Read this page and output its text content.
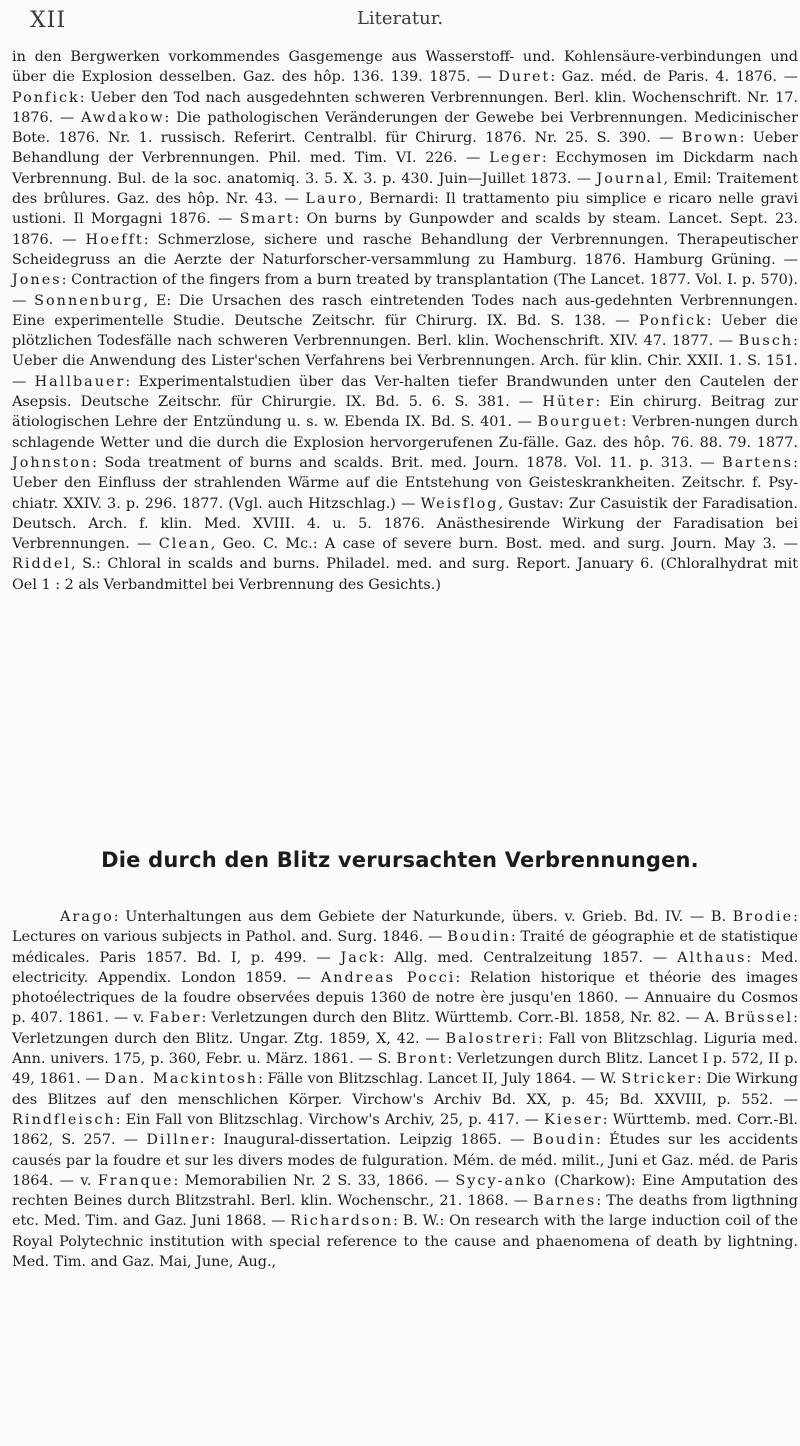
XII	Literatur.
in den Bergwerken vorkommendes Gasgemenge aus Wasserstoff- und. Kohlensäure-verbindungen und über die Explosion desselben. Gaz. des hôp. 136. 139. 1875. — Duret: Gaz. méd. de Paris. 4. 1876. — Ponfick: Ueber den Tod nach ausgedehnten schweren Verbrennungen. Berl. klin. Wochenschrift. Nr. 17. 1876. — Awdakow: Die pathologischen Veränderungen der Gewebe bei Verbrennungen. Medicinischer Bote. 1876. Nr. 1. russisch. Referirt. Centralbl. für Chirurg. 1876. Nr. 25. S. 390. — Brown: Ueber Behandlung der Verbrennungen. Phil. med. Tim. VI. 226. — Leger: Ecchymosen im Dickdarm nach Verbrennung. Bul. de la soc. anatomiq. 3. 5. X. 3. p. 430. Juin—Juillet 1873. — Journal, Emil: Traitement des brûlures. Gaz. des hôp. Nr. 43. — Lauro, Bernardi: Il trattamento piu simplice e ricaro nelle gravi ustioni. Il Morgagni 1876. — Smart: On burns by Gunpowder and scalds by steam. Lancet. Sept. 23. 1876. — Hoefft: Schmerzlose, sichere und rasche Behandlung der Verbrennungen. Therapeutischer Scheidegruss an die Aerzte der Naturforscher-versammlung zu Hamburg. 1876. Hamburg Grüning. — Jones: Contraction of the fingers from a burn treated by transplantation (The Lancet. 1877. Vol. I. p. 570). — Sonnenburg, E: Die Ursachen des rasch eintretenden Todes nach aus-gedehnten Verbrennungen. Eine experimentelle Studie. Deutsche Zeitschr. für Chirurg. IX. Bd. S. 138. — Ponfick: Ueber die plötzlichen Todesfälle nach schweren Verbrennungen. Berl. klin. Wochenschrift. XIV. 47. 1877. — Busch: Ueber die Anwendung des Lister'schen Verfahrens bei Verbrennungen. Arch. für klin. Chir. XXII. 1. S. 151. — Hallbauer: Experimentalstudien über das Ver-halten tiefer Brandwunden unter den Cautelen der Asepsis. Deutsche Zeitschr. für Chirurgie. IX. Bd. 5. 6. S. 381. — Hüter: Ein chirurg. Beitrag zur ätiologischen Lehre der Entzündung u. s. w. Ebenda IX. Bd. S. 401. — Bourguet: Verbren-nungen durch schlagende Wetter und die durch die Explosion hervorgerufenen Zu-fälle. Gaz. des hôp. 76. 88. 79. 1877. Johnston: Soda treatment of burns and scalds. Brit. med. Journ. 1878. Vol. 11. p. 313. — Bartens: Ueber den Einfluss der strahlenden Wärme auf die Entstehung von Geisteskrankheiten. Zeitschr. f. Psy-chiatr. XXIV. 3. p. 296. 1877. (Vgl. auch Hitzschlag.) — Weisflog, Gustav: Zur Casuistik der Faradisation. Deutsch. Arch. f. klin. Med. XVIII. 4. u. 5. 1876. Anästhesirende Wirkung der Faradisation bei Verbrennungen. — Clean, Geo. C. Mc.: A case of severe burn. Bost. med. and surg. Journ. May 3. — Riddel, S.: Chloral in scalds and burns. Philadel. med. and surg. Report. January 6. (Chloralhydrat mit Oel 1 : 2 als Verbandmittel bei Verbrennung des Gesichts.)
Die durch den Blitz verursachten Verbrennungen.
Arago: Unterhaltungen aus dem Gebiete der Naturkunde, übers. v. Grieb. Bd. IV. — B. Brodie: Lectures on various subjects in Pathol. and. Surg. 1846. — Boudin: Traité de géographie et de statistique médicales. Paris 1857. Bd. I, p. 499. — Jack: Allg. med. Centralzeitung 1857. — Althaus: Med. electricity. Appendix. London 1859. — Andreas Pocci: Relation historique et théorie des images photoélectriques de la foudre observées depuis 1360 de notre ère jusqu'en 1860. — Annuaire du Cosmos p. 407. 1861. — v. Faber: Verletzungen durch den Blitz. Württemb. Corr.-Bl. 1858, Nr. 82. — A. Brüssel: Verletzungen durch den Blitz. Ungar. Ztg. 1859, X, 42. — Balostreri: Fall von Blitzschlag. Liguria med. Ann. univers. 175, p. 360, Febr. u. März. 1861. — S. Bront: Verletzungen durch Blitz. Lancet I p. 572, II p. 49, 1861. — Dan. Mackintosh: Fälle von Blitzschlag. Lancet II, July 1864. — W. Stricker: Die Wirkung des Blitzes auf den menschlichen Körper. Virchow's Archiv Bd. XX, p. 45; Bd. XXVIII, p. 552. — Rindfleisch: Ein Fall von Blitzschlag. Virchow's Archiv, 25, p. 417. — Kieser: Württemb. med. Corr.-Bl. 1862, S. 257. — Dillner: Inaugural-dissertation. Leipzig 1865. — Boudin: Études sur les accidents causés par la foudre et sur les divers modes de fulguration. Mém. de méd. milit., Juni et Gaz. méd. de Paris 1864. — v. Franque: Memorabilien Nr. 2 S. 33, 1866. — Sycy-anko (Charkow): Eine Amputation des rechten Beines durch Blitzstrahl. Berl. klin. Wochenschr., 21. 1868. — Barnes: The deaths from ligthning etc. Med. Tim. and Gaz. Juni 1868. — Richardson: B. W.: On research with the large induction coil of the Royal Polytechnic institution with special reference to the cause and phaenomena of death by lightning. Med. Tim. and Gaz. Mai, June, Aug.,
